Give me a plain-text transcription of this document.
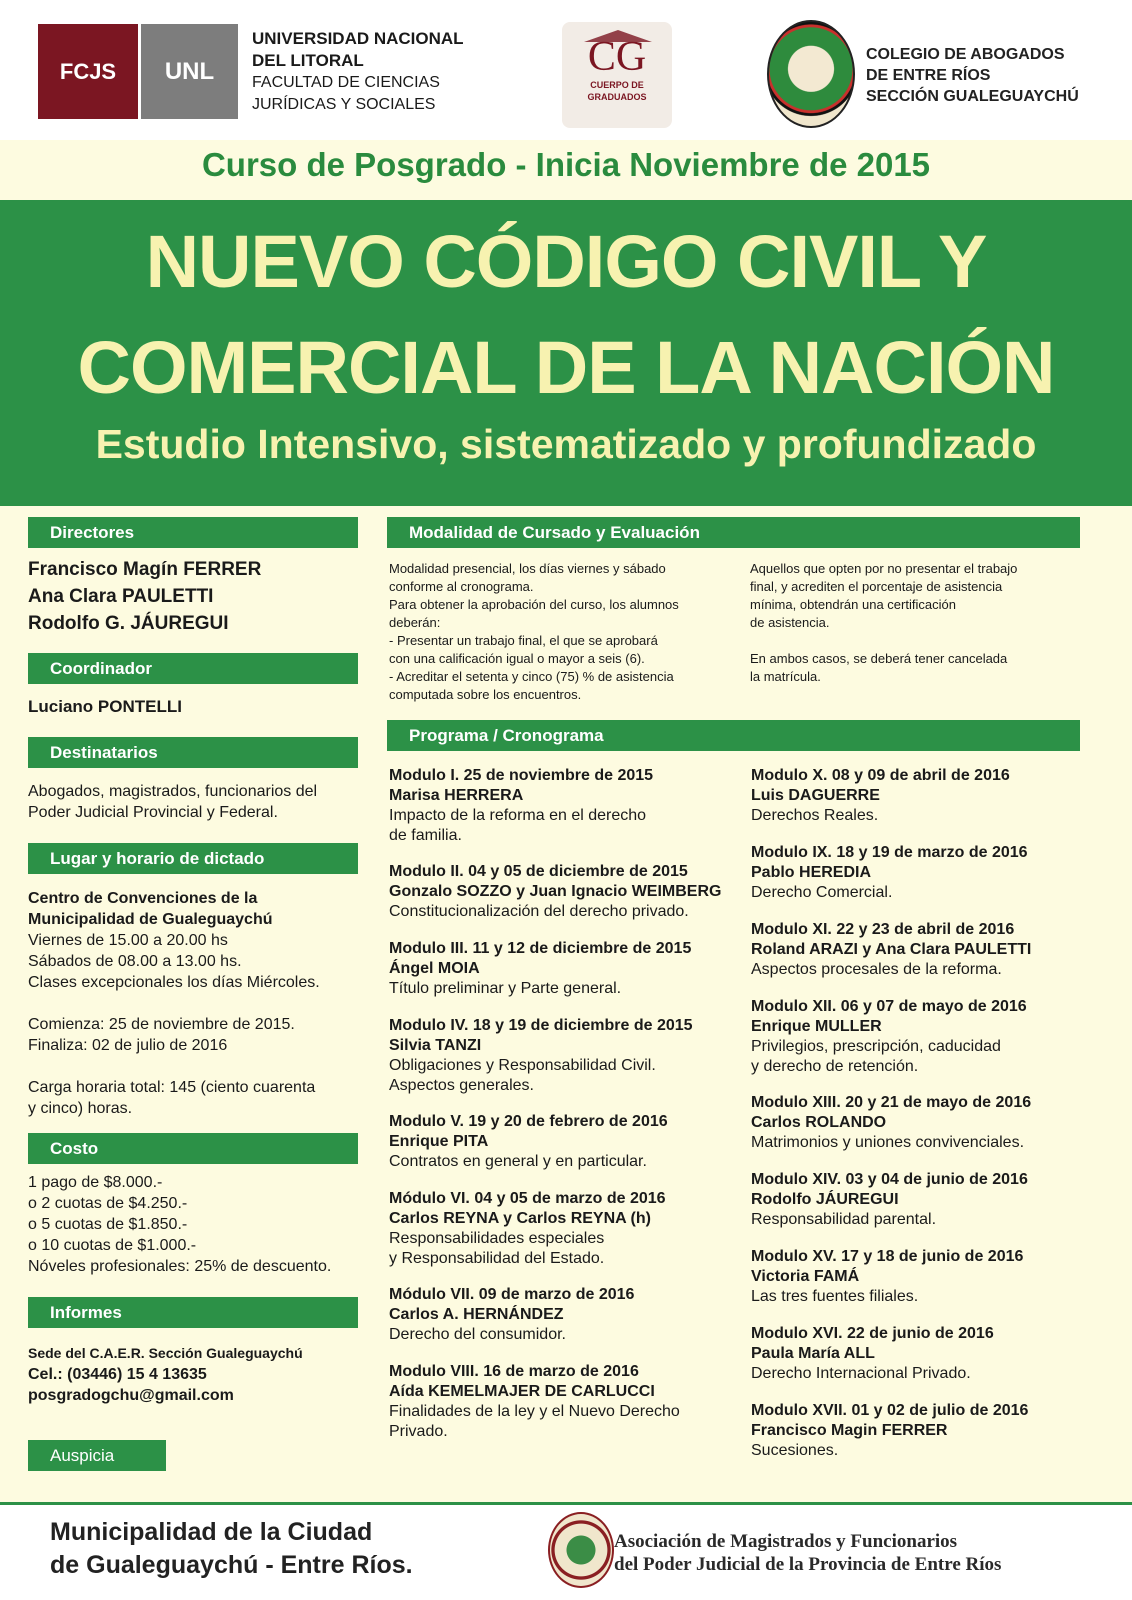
FCJS UNL
UNIVERSIDAD NACIONAL
DEL LITORAL
FACULTAD DE CIENCIAS
JURÍDICAS Y SOCIALES
CG
CUERPO DE
GRADUADOS
COLEGIO DE ABOGADOS
DE ENTRE RÍOS
SECCIÓN GUALEGUAYCHÚ
Curso de Posgrado - Inicia Noviembre de 2015
NUEVO CÓDIGO CIVIL Y
COMERCIAL DE LA NACIÓN
Estudio Intensivo, sistematizado y profundizado
Directores
Francisco Magín FERRER
Ana Clara PAULETTI
Rodolfo G. JÁUREGUI
Coordinador
Luciano PONTELLI
Destinatarios
Abogados, magistrados, funcionarios del
Poder Judicial Provincial y Federal.
Lugar y horario de dictado
Centro de Convenciones de la
Municipalidad de Gualeguaychú
Viernes de 15.00 a 20.00 hs
Sábados de 08.00 a 13.00 hs.
Clases excepcionales los días Miércoles.
Comienza: 25 de noviembre de 2015.
Finaliza: 02 de julio de 2016
Carga horaria total: 145 (ciento cuarenta
y cinco) horas.
Costo
1 pago de $8.000.-
o 2 cuotas de $4.250.-
o 5 cuotas de $1.850.-
o 10 cuotas de $1.000.-
Nóveles profesionales: 25% de descuento.
Informes
Sede del C.A.E.R. Sección Gualeguaychú
Cel.: (03446) 15 4 13635
posgradogchu@gmail.com
Auspicia
Modalidad de Cursado y Evaluación
Modalidad presencial, los días viernes y sábado
conforme al cronograma.
Para obtener la aprobación del curso, los alumnos
deberán:
- Presentar un trabajo final, el que se aprobará
con una calificación igual o mayor a seis (6).
- Acreditar el setenta y cinco (75) % de asistencia
computada sobre los encuentros.
Aquellos que opten por no presentar el trabajo
final, y acrediten el porcentaje de asistencia
mínima, obtendrán una certificación
de asistencia.
En ambos casos, se deberá tener cancelada
la matrícula.
Programa / Cronograma
Modulo I. 25 de noviembre de 2015
Marisa HERRERA
Impacto de la reforma en el derecho
de familia.
Modulo II. 04 y 05 de diciembre de 2015
Gonzalo SOZZO y Juan Ignacio WEIMBERG
Constitucionalización del derecho privado.
Modulo III. 11 y 12 de diciembre de 2015
Ángel MOIA
Título preliminar y Parte general.
Modulo IV. 18 y 19 de diciembre de 2015
Silvia TANZI
Obligaciones y Responsabilidad Civil.
Aspectos generales.
Modulo V. 19 y 20 de febrero de 2016
Enrique PITA
Contratos en general y en particular.
Módulo VI. 04 y 05 de marzo de 2016
Carlos REYNA y Carlos REYNA (h)
Responsabilidades especiales
y Responsabilidad del Estado.
Módulo VII. 09 de marzo de 2016
Carlos A. HERNÁNDEZ
Derecho del consumidor.
Modulo VIII. 16 de marzo de 2016
Aída KEMELMAJER DE CARLUCCI
Finalidades de la ley y el Nuevo Derecho
Privado.
Modulo X. 08 y 09 de abril de 2016
Luis DAGUERRE
Derechos Reales.
Modulo IX. 18 y 19 de marzo de 2016
Pablo HEREDIA
Derecho Comercial.
Modulo XI. 22 y 23 de abril de 2016
Roland ARAZI y Ana Clara PAULETTI
Aspectos procesales de la reforma.
Modulo XII. 06 y 07 de mayo de 2016
Enrique MULLER
Privilegios, prescripción, caducidad
y derecho de retención.
Modulo XIII. 20 y 21 de mayo de 2016
Carlos ROLANDO
Matrimonios y uniones convivenciales.
Modulo XIV. 03 y 04 de junio de 2016
Rodolfo JÁUREGUI
Responsabilidad parental.
Modulo XV. 17 y 18 de junio de 2016
Victoria FAMÁ
Las tres fuentes filiales.
Modulo XVI. 22 de junio de 2016
Paula María ALL
Derecho Internacional Privado.
Modulo XVII. 01 y 02 de julio de 2016
Francisco Magin FERRER
Sucesiones.
Municipalidad de la Ciudad
de Gualeguaychú - Entre Ríos.
Asociación de Magistrados y Funcionarios
del Poder Judicial de la Provincia de Entre Ríos
